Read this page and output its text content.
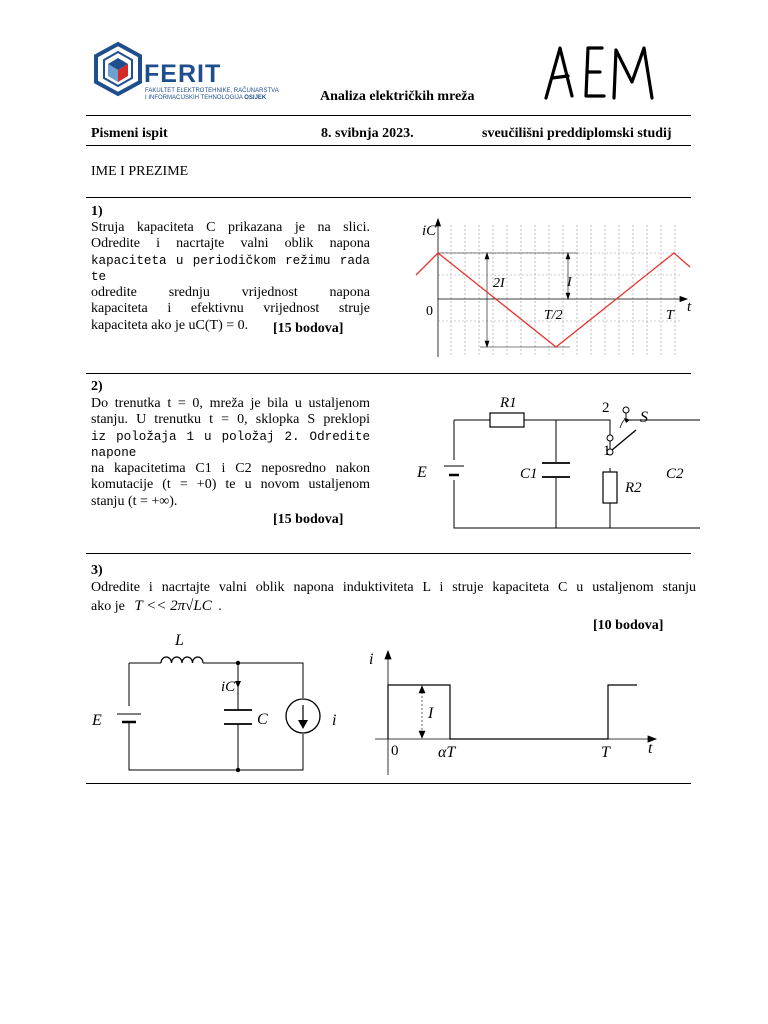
FERIT
FAKULTET ELEKTROTEHNIKE, RAČUNARSTVA
I INFORMACIJSKIH TEHNOLOGIJA OSIJEK	Analiza električkih mreža
Pismeni ispit	8. svibnja 2023.	sveučilišni preddiplomski studij
IME I PREZIME
1)
Struja kapaciteta C prikazana je na slici.
Odredite i nacrtajte valni oblik napona
kapaciteta u periodičkom režimu rada te
odredite srednju vrijednost napona
kapaciteta i efektivnu vrijednost struje
kapaciteta ako je uC(T) = 0.	[15 bodova]
iC
t
0	T/2	T
2I	I
2)
Do trenutka t = 0, mreža je bila u ustaljenom
stanju. U trenutku t = 0, sklopka S preklopi
iz položaja 1 u položaj 2. Odredite napone
na kapacitetima C1 i C2 neposredno nakon
komutacije (t = +0) te u novom ustaljenom
stanju (t = +∞).
[15 bodova]
R1
R2
C1	C2
E
S
2
1
3)
Odredite i nacrtajte valni oblik napona induktiviteta L i struje kapaciteta C u ustaljenom stanju
ako je T << 2π√LC .
[10 bodova]
L
E
iC
C	i
i
t
0 αT	T
I
